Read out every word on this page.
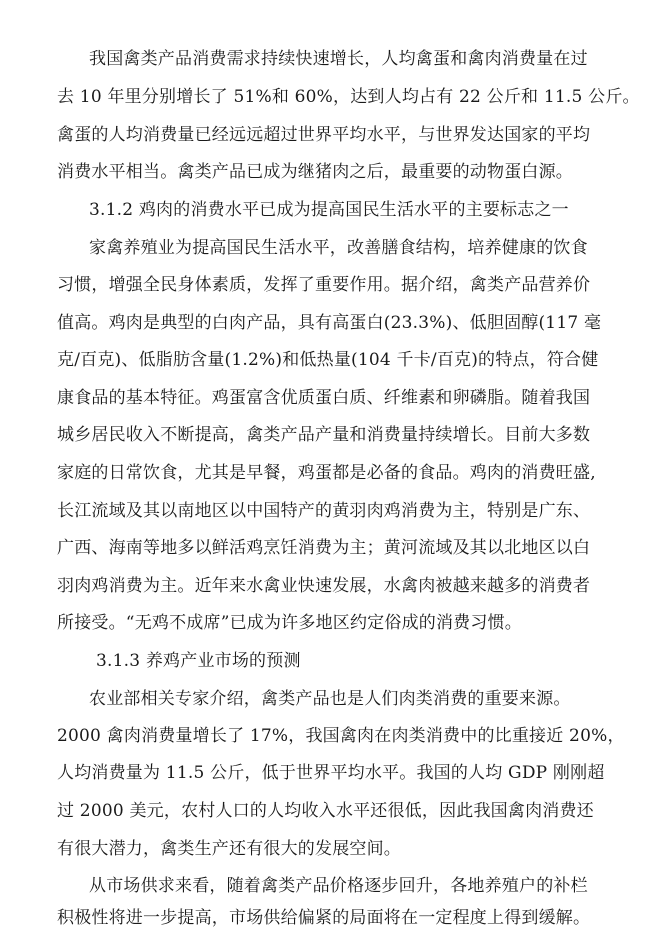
我国禽类产品消费需求持续快速增长，人均禽蛋和禽肉消费量在过
去 10 年里分别增长了 51%和 60%，达到人均占有 22 公斤和 11.5 公斤。
禽蛋的人均消费量已经远远超过世界平均水平，与世界发达国家的平均
消费水平相当。禽类产品已成为继猪肉之后，最重要的动物蛋白源。
3.1.2 鸡肉的消费水平已成为提高国民生活水平的主要标志之一
家禽养殖业为提高国民生活水平，改善膳食结构，培养健康的饮食
习惯，增强全民身体素质，发挥了重要作用。据介绍，禽类产品营养价
值高。鸡肉是典型的白肉产品，具有高蛋白(23.3%)、低胆固醇(117 毫
克/百克)、低脂肪含量(1.2%)和低热量(104 千卡/百克)的特点，符合健
康食品的基本特征。鸡蛋富含优质蛋白质、纤维素和卵磷脂。随着我国
城乡居民收入不断提高，禽类产品产量和消费量持续增长。目前大多数
家庭的日常饮食，尤其是早餐，鸡蛋都是必备的食品。鸡肉的消费旺盛,
长江流域及其以南地区以中国特产的黄羽肉鸡消费为主，特别是广东、
广西、海南等地多以鲜活鸡烹饪消费为主；黄河流域及其以北地区以白
羽肉鸡消费为主。近年来水禽业快速发展，水禽肉被越来越多的消费者
所接受。“无鸡不成席”已成为许多地区约定俗成的消费习惯。
3.1.3 养鸡产业市场的预测
农业部相关专家介绍，禽类产品也是人们肉类消费的重要来源。
2000 禽肉消费量增长了 17%，我国禽肉在肉类消费中的比重接近 20%，
人均消费量为 11.5 公斤，低于世界平均水平。我国的人均 GDP 刚刚超
过 2000 美元，农村人口的人均收入水平还很低，因此我国禽肉消费还
有很大潜力，禽类生产还有很大的发展空间。
从市场供求来看，随着禽类产品价格逐步回升，各地养殖户的补栏
积极性将进一步提高，市场供给偏紧的局面将在一定程度上得到缓解。
